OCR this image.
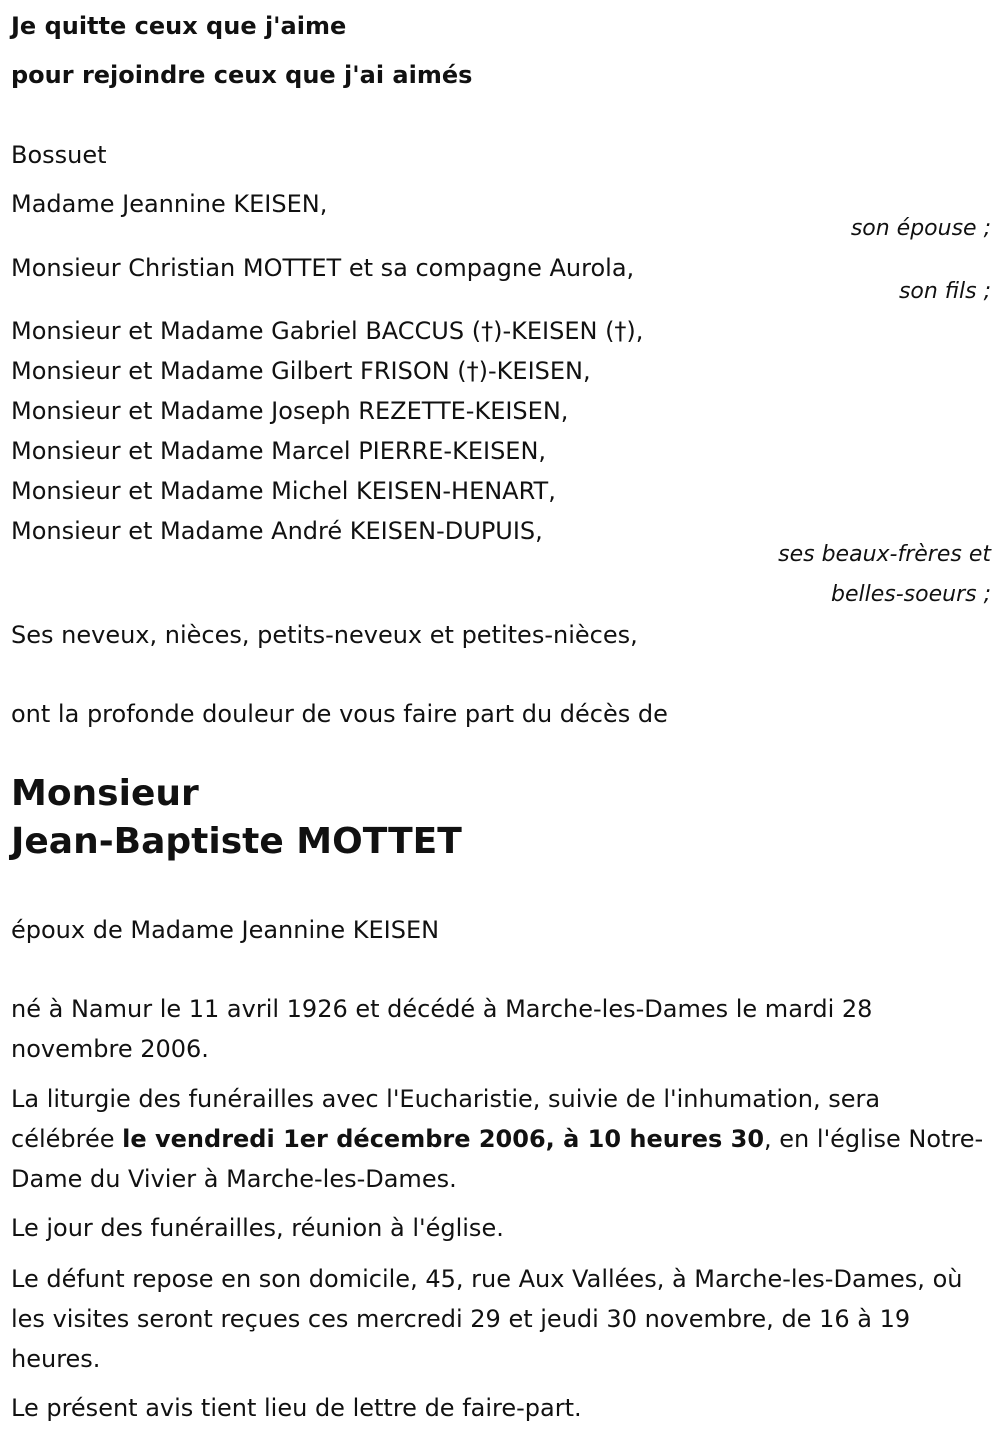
Je quitte ceux que j'aime
pour rejoindre ceux que j'ai aimés
Bossuet
Madame Jeannine KEISEN,
son épouse ;
Monsieur Christian MOTTET et sa compagne Aurola,
son fils ;
Monsieur et Madame Gabriel BACCUS (†)-KEISEN (†),
Monsieur et Madame Gilbert FRISON (†)-KEISEN,
Monsieur et Madame Joseph REZETTE-KEISEN,
Monsieur et Madame Marcel PIERRE-KEISEN,
Monsieur et Madame Michel KEISEN-HENART,
Monsieur et Madame André KEISEN-DUPUIS,
ses beaux-frères et
belles-soeurs ;
Ses neveux, nièces, petits-neveux et petites-nièces,
ont la profonde douleur de vous faire part du décès de
Monsieur
Jean-Baptiste MOTTET
époux de Madame Jeannine KEISEN
né à Namur le 11 avril 1926 et décédé à Marche-les-Dames le mardi 28 novembre 2006.
La liturgie des funérailles avec l'Eucharistie, suivie de l'inhumation, sera célébrée le vendredi 1er décembre 2006, à 10 heures 30, en l'église Notre-Dame du Vivier à Marche-les-Dames.
Le jour des funérailles, réunion à l'église.
Le défunt repose en son domicile, 45, rue Aux Vallées, à Marche-les-Dames, où les visites seront reçues ces mercredi 29 et jeudi 30 novembre, de 16 à 19 heures.
Le présent avis tient lieu de lettre de faire-part.
